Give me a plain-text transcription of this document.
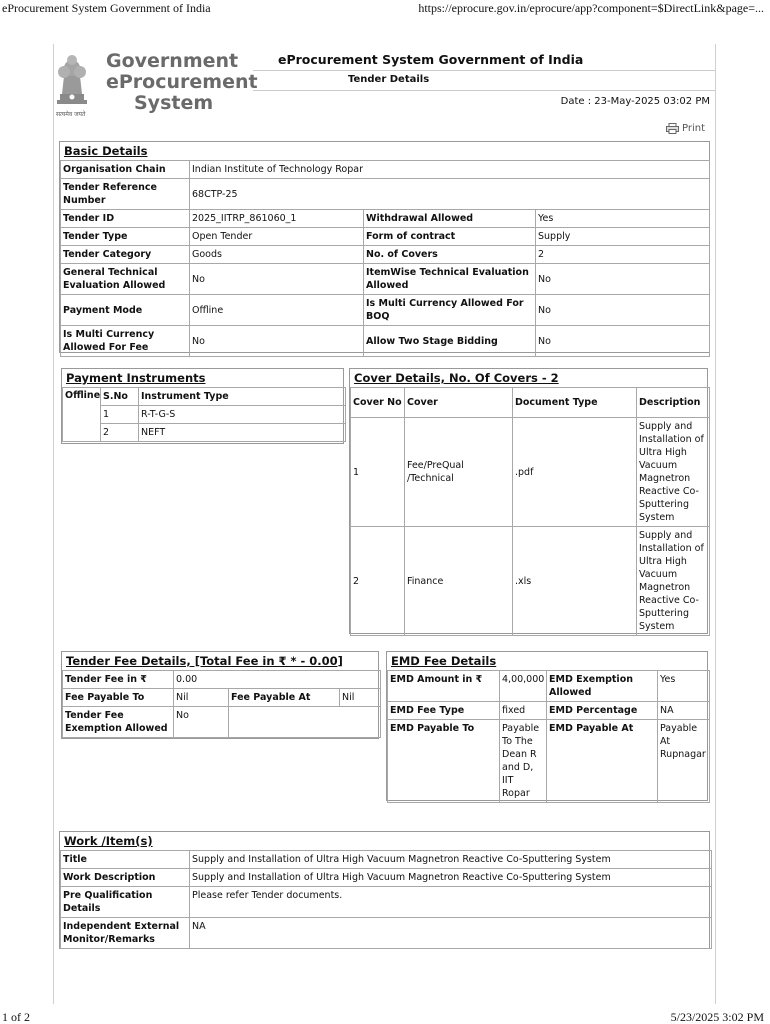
eProcurement System Government of India	https://eprocure.gov.in/eprocure/app?component=$DirectLink&page=...
1 of 2	5/23/2025 3:02 PM
Government
eProcurement
System
सत्यमेव जयते
eProcurement System Government of India
Tender Details
Date : 23-May-2025 03:02 PM
Print
Basic Details
Organisation Chain	Indian Institute of Technology Ropar		
Tender Reference Number	68CTP-25		
Tender ID	2025_IITRP_861060_1	Withdrawal Allowed	Yes
Tender Type	Open Tender	Form of contract	Supply
Tender Category	Goods	No. of Covers	2
General Technical Evaluation Allowed	No	ItemWise Technical Evaluation Allowed	No
Payment Mode	Offline	Is Multi Currency Allowed For BOQ	No
Is Multi Currency Allowed For Fee	No	Allow Two Stage Bidding	No
Payment Instruments
Offline	S.No	Instrument Type
	1	R-T-G-S
	2	NEFT
Cover Details, No. Of Covers - 2
Cover No	Cover	Document Type	Description
1	Fee/PreQual /Technical	.pdf	Supply and Installation of Ultra High Vacuum Magnetron Reactive Co-Sputtering System
2	Finance	.xls	Supply and Installation of Ultra High Vacuum Magnetron Reactive Co-Sputtering System
Tender Fee Details, [Total Fee in ₹ * - 0.00]
Tender Fee in ₹	0.00		
Fee Payable To	Nil	Fee Payable At	Nil
Tender Fee Exemption Allowed	No		
EMD Fee Details
EMD Amount in ₹	4,00,000	EMD Exemption Allowed	Yes
EMD Fee Type	fixed	EMD Percentage	NA
EMD Payable To	Payable To The Dean R and D, IIT Ropar	EMD Payable At	Payable At Rupnagar
Work /Item(s)
Title	Supply and Installation of Ultra High Vacuum Magnetron Reactive Co-Sputtering System
Work Description	Supply and Installation of Ultra High Vacuum Magnetron Reactive Co-Sputtering System
Pre Qualification Details	Please refer Tender documents.
Independent External Monitor/Remarks	NA
